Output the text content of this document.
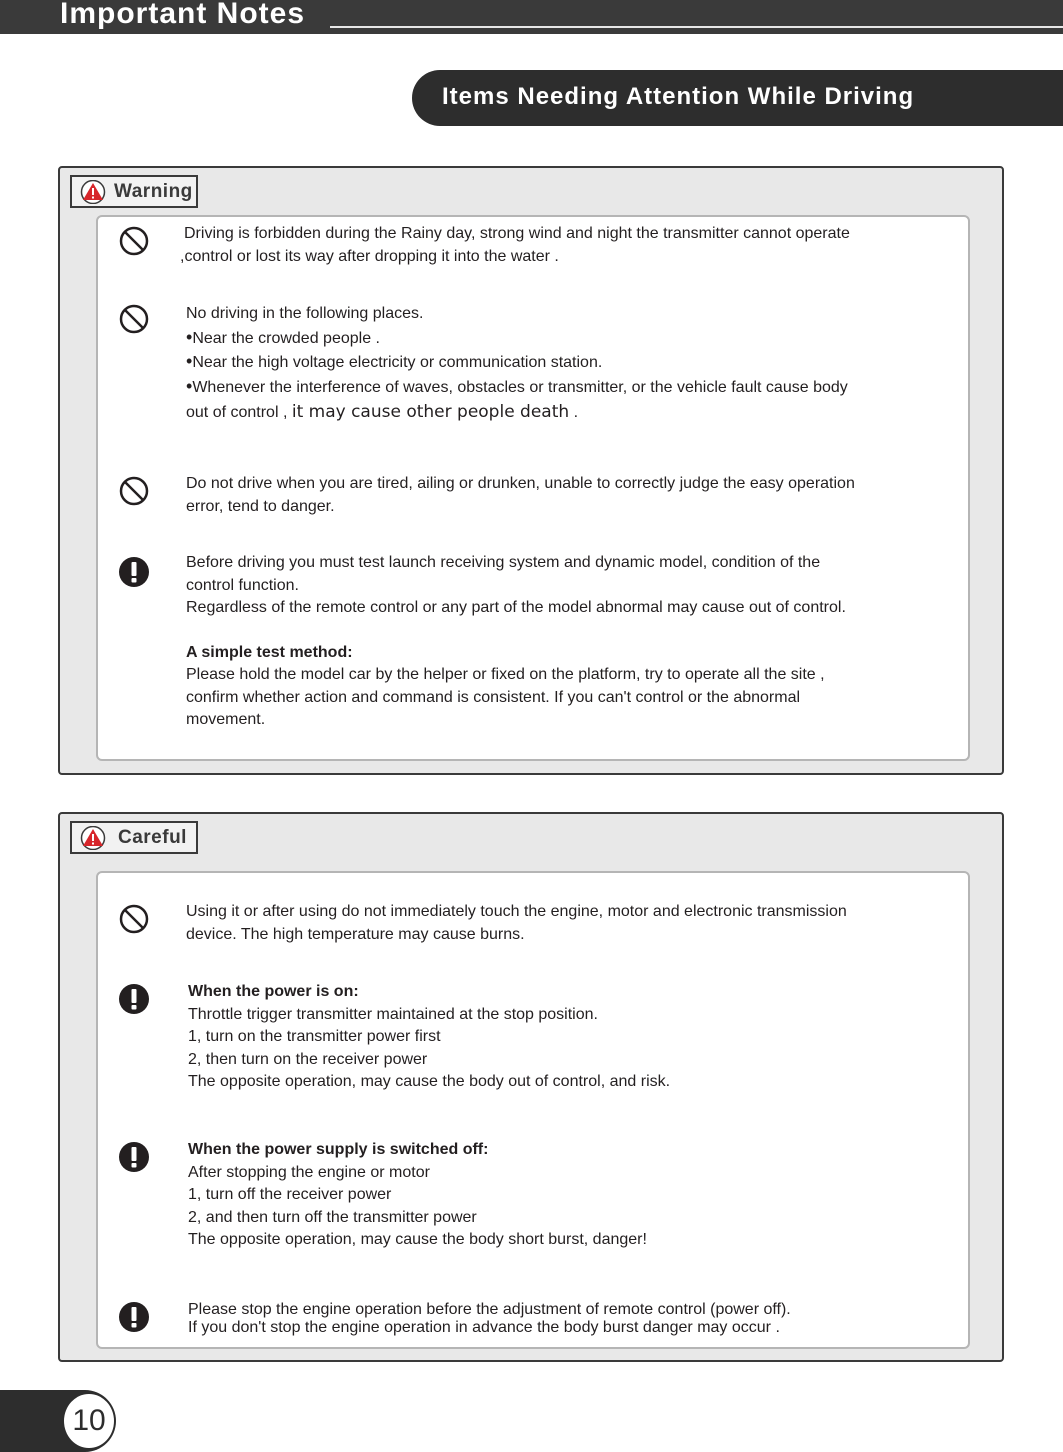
Important Notes
Items Needing Attention While Driving
Warning
Driving is forbidden during the Rainy day, strong wind and night the transmitter cannot operate
,control or lost its way after dropping it into the water .
No driving in the following places.
• Near the crowded people .
• Near the high voltage electricity or communication station.
• Whenever the interference of waves, obstacles or transmitter, or the vehicle fault cause body
out of control , it may cause other people death .
Do not drive when you are tired, ailing or drunken, unable to correctly judge the easy operation
error, tend to danger.
Before driving you must test launch receiving system and dynamic model, condition of the
control function.
Regardless of the remote control or any part of the model abnormal may cause out of control.
A simple test method:
Please hold the model car by the helper or fixed on the platform, try to operate all the site ,
confirm whether action and command is consistent. If you can't control or the abnormal
movement.
Careful
Using it or after using do not immediately touch the engine, motor and electronic transmission
device. The high temperature may cause burns.
When the power is on:
Throttle trigger transmitter maintained at the stop position.
1, turn on the transmitter power first
2, then turn on the receiver power
The opposite operation, may cause the body out of control, and risk.
When the power supply is switched off:
After stopping the engine or motor
1, turn off the receiver power
2, and then turn off the transmitter power
The opposite operation, may cause the body short burst, danger!
Please stop the engine operation before the adjustment of remote control (power off).
If you don't stop the engine operation in advance the body burst danger may occur .
10
